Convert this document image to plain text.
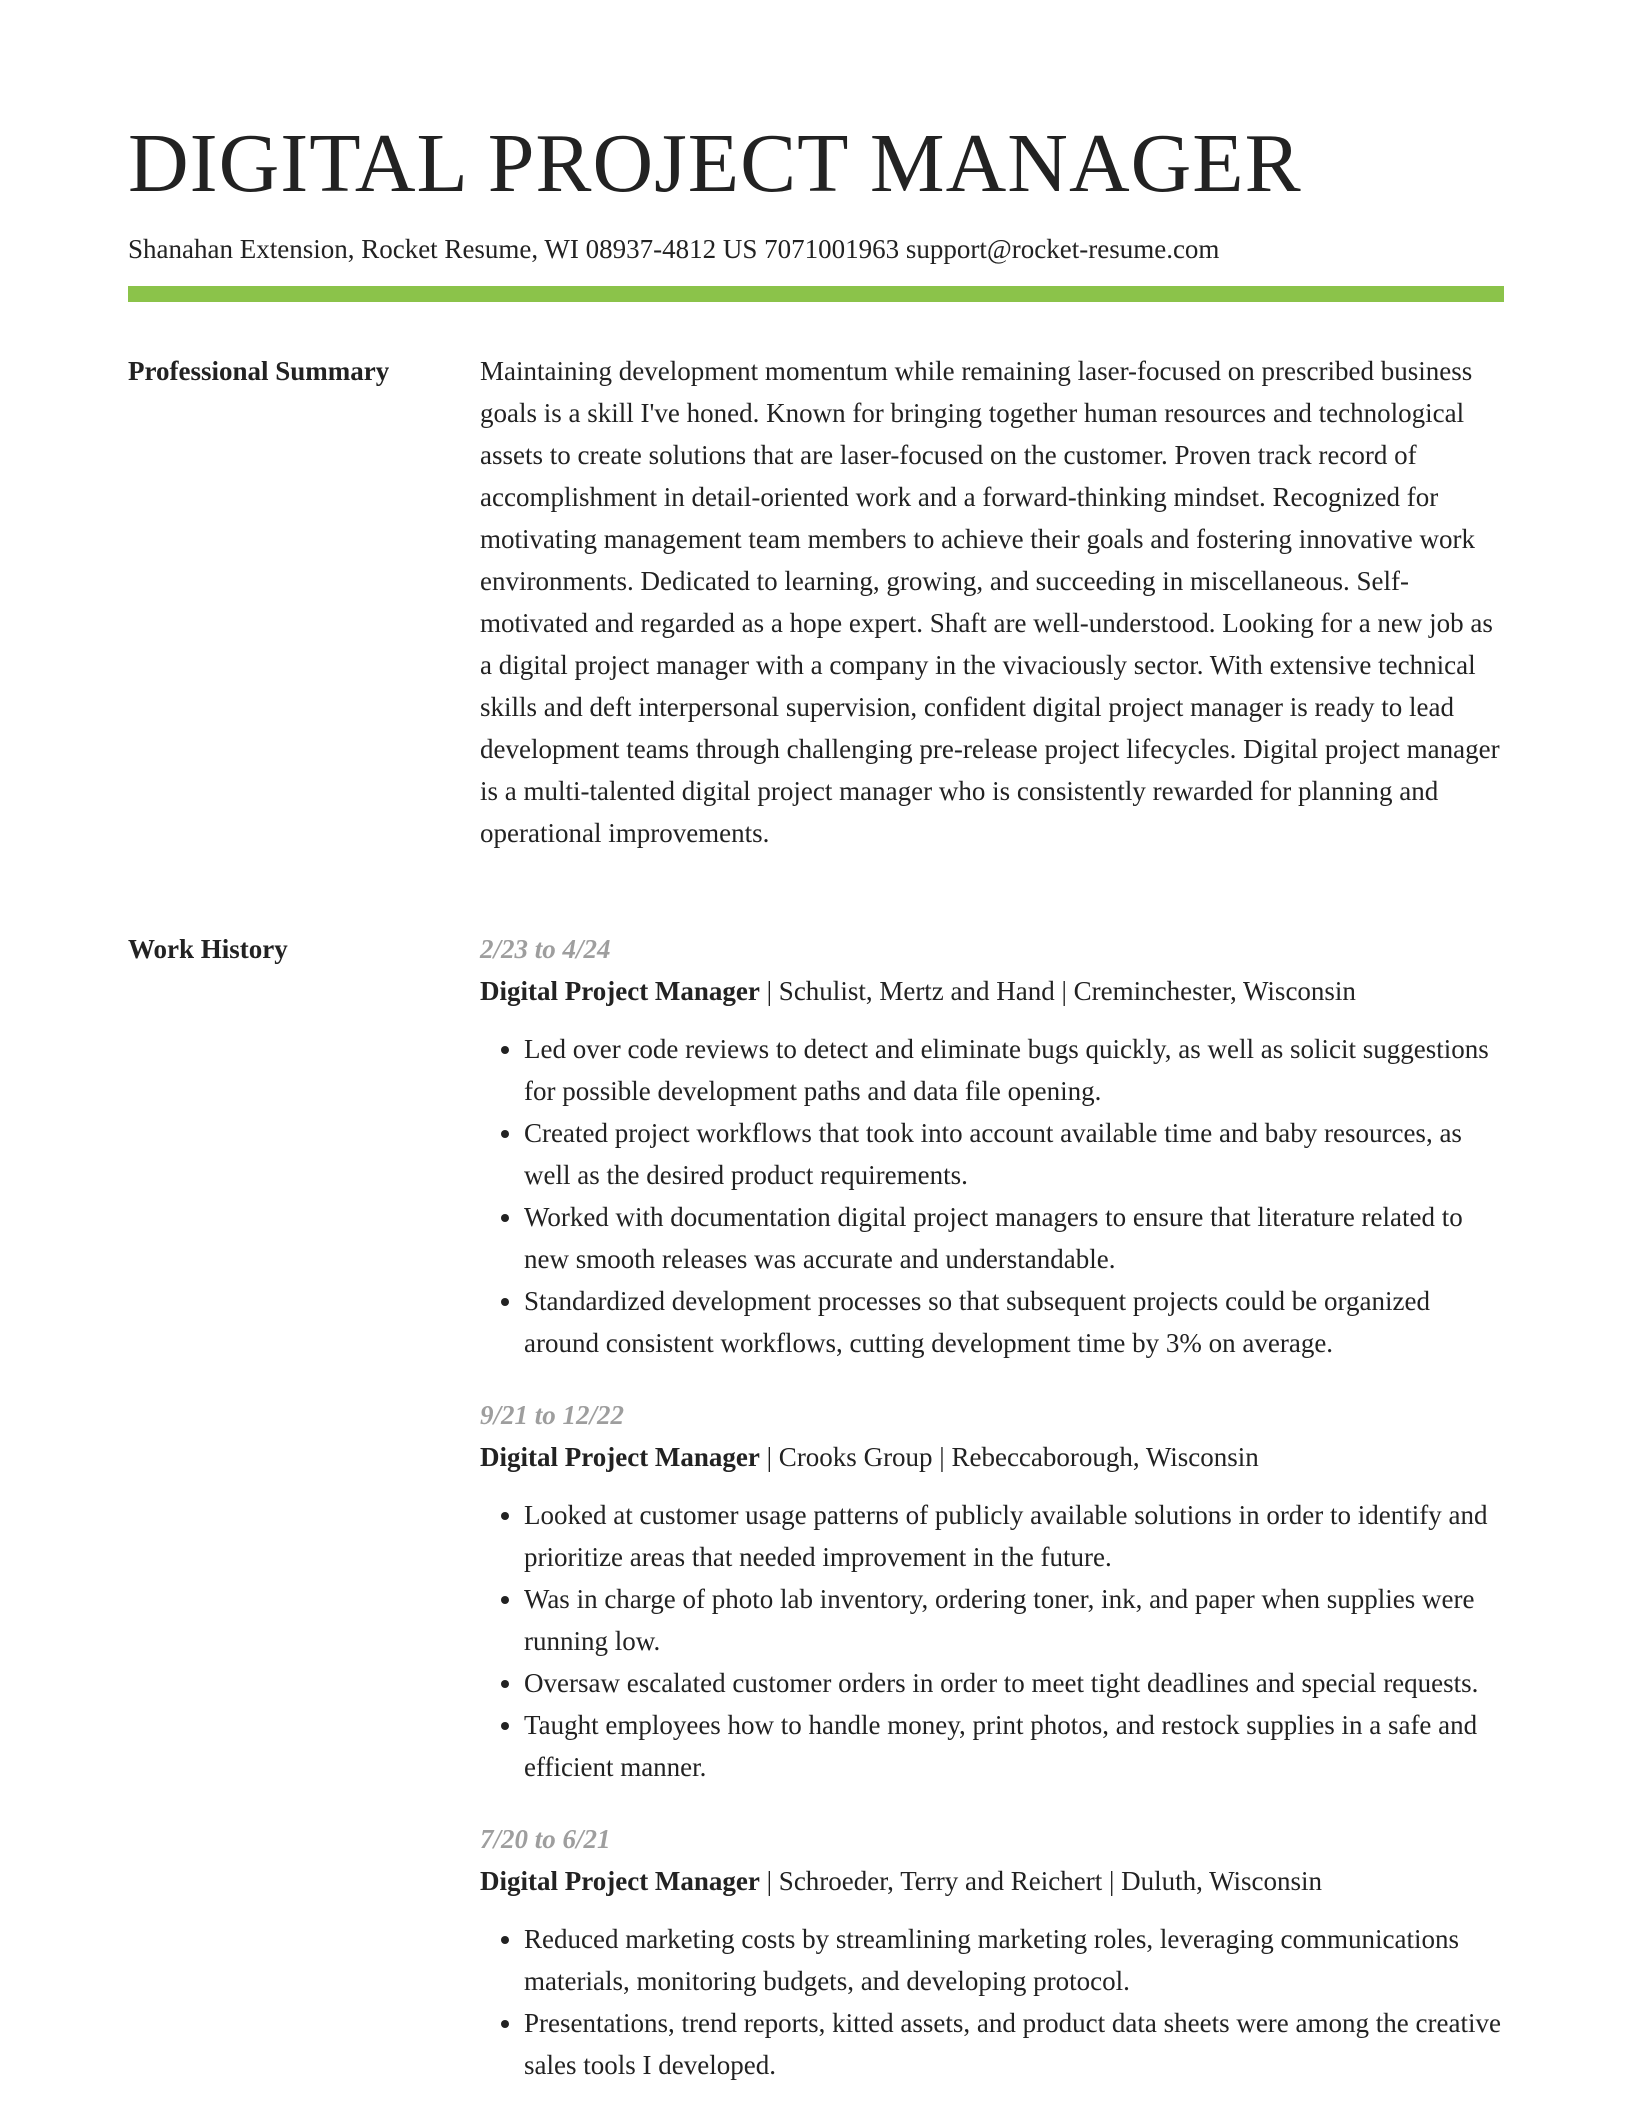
DIGITAL PROJECT MANAGER
Shanahan Extension, Rocket Resume, WI 08937-4812 US 7071001963 support@rocket-resume.com
Professional Summary	Maintaining development momentum while remaining laser-focused on prescribed business goals is a skill I've honed. Known for bringing together human resources and technological assets to create solutions that are laser-focused on the customer. Proven track record of accomplishment in detail-oriented work and a forward-thinking mindset. Recognized for motivating management team members to achieve their goals and fostering innovative work environments. Dedicated to learning, growing, and succeeding in miscellaneous. Self-motivated and regarded as a hope expert. Shaft are well-understood. Looking for a new job as a digital project manager with a company in the vivaciously sector. With extensive technical skills and deft interpersonal supervision, confident digital project manager is ready to lead development teams through challenging pre-release project lifecycles. Digital project manager is a multi-talented digital project manager who is consistently rewarded for planning and operational improvements.

Work History	2/23 to 4/24
Digital Project Manager | Schulist, Mertz and Hand | Creminchester, Wisconsin
• Led over code reviews to detect and eliminate bugs quickly, as well as solicit suggestions for possible development paths and data file opening.
• Created project workflows that took into account available time and baby resources, as well as the desired product requirements.
• Worked with documentation digital project managers to ensure that literature related to new smooth releases was accurate and understandable.
• Standardized development processes so that subsequent projects could be organized around consistent workflows, cutting development time by 3% on average.
9/21 to 12/22
Digital Project Manager | Crooks Group | Rebeccaborough, Wisconsin
• Looked at customer usage patterns of publicly available solutions in order to identify and prioritize areas that needed improvement in the future.
• Was in charge of photo lab inventory, ordering toner, ink, and paper when supplies were running low.
• Oversaw escalated customer orders in order to meet tight deadlines and special requests.
• Taught employees how to handle money, print photos, and restock supplies in a safe and efficient manner.
7/20 to 6/21
Digital Project Manager | Schroeder, Terry and Reichert | Duluth, Wisconsin
• Reduced marketing costs by streamlining marketing roles, leveraging communications materials, monitoring budgets, and developing protocol.
• Presentations, trend reports, kitted assets, and product data sheets were among the creative sales tools I developed.
